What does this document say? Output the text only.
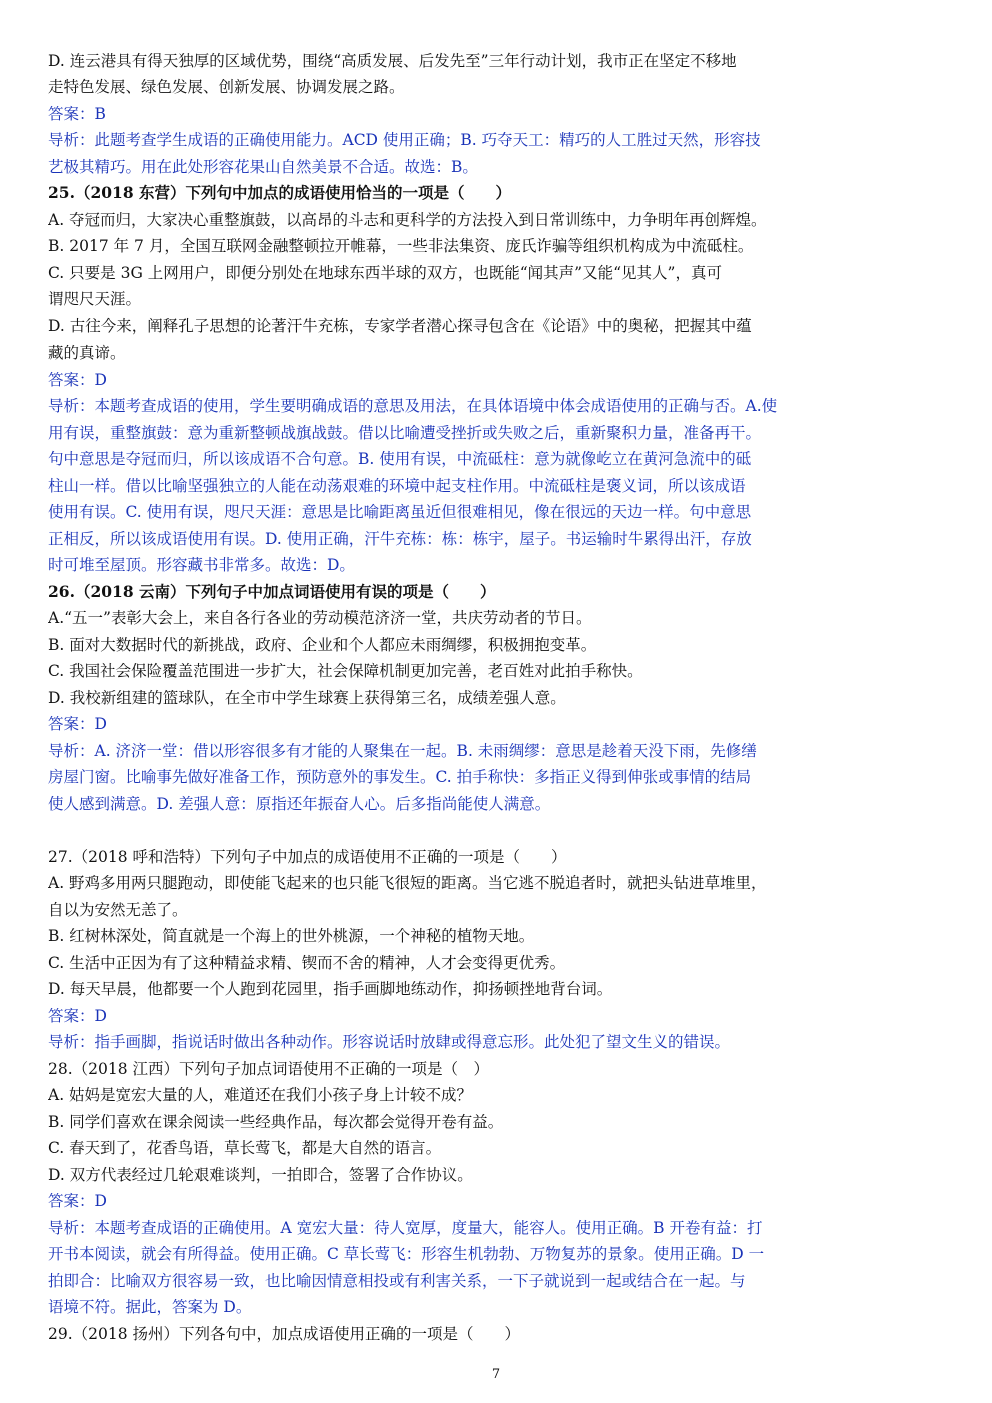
D. 连云港具有得天独厚的区域优势，围绕“高质发展、后发先至”三年行动计划，我市正在坚定不移地
走特色发展、绿色发展、创新发展、协调发展之路。
答案：B
导析：此题考查学生成语的正确使用能力。ACD 使用正确；B. 巧夺天工：精巧的人工胜过天然，形容技
艺极其精巧。用在此处形容花果山自然美景不合适。故选：B。
25.（2018 东营）下列句中加点的成语使用恰当的一项是（　　）
A. 夺冠而归，大家决心重整旗鼓，以高昂的斗志和更科学的方法投入到日常训练中，力争明年再创辉煌。
B. 2017 年 7 月，全国互联网金融整顿拉开帷幕，一些非法集资、庞氏诈骗等组织机构成为中流砥柱。
C. 只要是 3G 上网用户，即便分别处在地球东西半球的双方，也既能“闻其声”又能“见其人”，真可
谓咫尺天涯。
D. 古往今来，阐释孔子思想的论著汗牛充栋，专家学者潜心探寻包含在《论语》中的奥秘，把握其中蕴
藏的真谛。
答案：D
导析：本题考查成语的使用，学生要明确成语的意思及用法，在具体语境中体会成语使用的正确与否。A.使
用有误，重整旗鼓：意为重新整顿战旗战鼓。借以比喻遭受挫折或失败之后，重新聚积力量，准备再干。
句中意思是夺冠而归，所以该成语不合句意。B. 使用有误，中流砥柱：意为就像屹立在黄河急流中的砥
柱山一样。借以比喻坚强独立的人能在动荡艰难的环境中起支柱作用。中流砥柱是褒义词，所以该成语
使用有误。C. 使用有误，咫尺天涯：意思是比喻距离虽近但很难相见，像在很远的天边一样。句中意思
正相反，所以该成语使用有误。D. 使用正确，汗牛充栋：栋：栋宇，屋子。书运输时牛累得出汗，存放
时可堆至屋顶。形容藏书非常多。故选：D。
26.（2018 云南）下列句子中加点词语使用有误的项是（　　）
A.“五一”表彰大会上，来自各行各业的劳动模范济济一堂，共庆劳动者的节日。
B. 面对大数据时代的新挑战，政府、企业和个人都应未雨绸缪，积极拥抱变革。
C. 我国社会保险覆盖范围进一步扩大，社会保障机制更加完善，老百姓对此拍手称快。
D. 我校新组建的篮球队，在全市中学生球赛上获得第三名，成绩差强人意。
答案：D
导析：A. 济济一堂：借以形容很多有才能的人聚集在一起。B. 未雨绸缪：意思是趁着天没下雨，先修缮
房屋门窗。比喻事先做好准备工作，预防意外的事发生。C. 拍手称快：多指正义得到伸张或事情的结局
使人感到满意。D. 差强人意：原指还年振奋人心。后多指尚能使人满意。
27.（2018 呼和浩特）下列句子中加点的成语使用不正确的一项是（　　）
A. 野鸡多用两只腿跑动，即使能飞起来的也只能飞很短的距离。当它逃不脱追者时，就把头钻进草堆里，
自以为安然无恙了。
B. 红树林深处，简直就是一个海上的世外桃源，一个神秘的植物天地。
C. 生活中正因为有了这种精益求精、锲而不舍的精神，人才会变得更优秀。
D. 每天早晨，他都要一个人跑到花园里，指手画脚地练动作，抑扬顿挫地背台词。
答案：D
导析：指手画脚，指说话时做出各种动作。形容说话时放肆或得意忘形。此处犯了望文生义的错误。
28.（2018 江西）下列句子加点词语使用不正确的一项是（　）
A. 姑妈是宽宏大量的人，难道还在我们小孩子身上计较不成？
B. 同学们喜欢在课余阅读一些经典作品，每次都会觉得开卷有益。
C. 春天到了，花香鸟语，草长莺飞，都是大自然的语言。
D. 双方代表经过几轮艰难谈判，一拍即合，签署了合作协议。
答案：D
导析：本题考查成语的正确使用。A 宽宏大量：待人宽厚，度量大，能容人。使用正确。B 开卷有益：打
开书本阅读，就会有所得益。使用正确。C 草长莺飞：形容生机勃勃、万物复苏的景象。使用正确。D 一
拍即合：比喻双方很容易一致，也比喻因情意相投或有利害关系，一下子就说到一起或结合在一起。与
语境不符。据此，答案为 D。
29.（2018 扬州）下列各句中，加点成语使用正确的一项是（　　）
7
